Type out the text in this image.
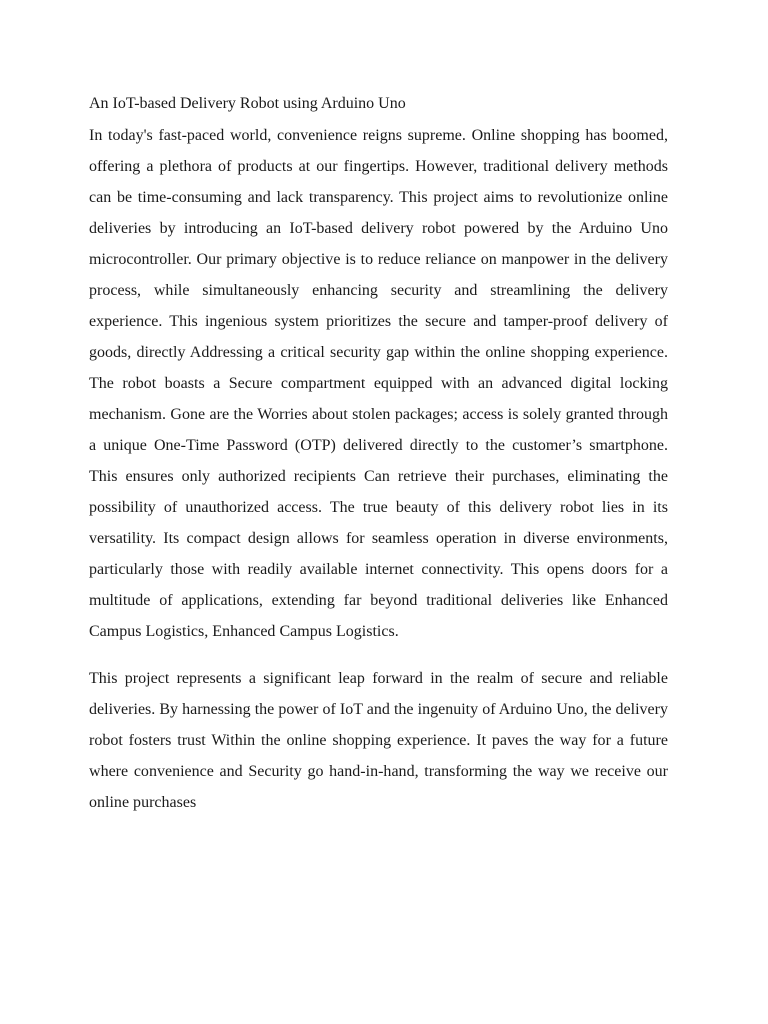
An IoT-based Delivery Robot using Arduino Uno

In today's fast-paced world, convenience reigns supreme. Online shopping has boomed, offering a plethora of products at our fingertips. However, traditional delivery methods can be time-consuming and lack transparency. This project aims to revolutionize online deliveries by introducing an IoT-based delivery robot powered by the Arduino Uno microcontroller. Our primary objective is to reduce reliance on manpower in the delivery process, while simultaneously enhancing security and streamlining the delivery experience. This ingenious system prioritizes the secure and tamper-proof delivery of goods, directly Addressing a critical security gap within the online shopping experience. The robot boasts a Secure compartment equipped with an advanced digital locking mechanism. Gone are the Worries about stolen packages; access is solely granted through a unique One-Time Password (OTP) delivered directly to the customer’s smartphone. This ensures only authorized recipients Can retrieve their purchases, eliminating the possibility of unauthorized access. The true beauty of this delivery robot lies in its versatility. Its compact design allows for seamless operation in diverse environments, particularly those with readily available internet connectivity. This opens doors for a multitude of applications, extending far beyond traditional deliveries like Enhanced Campus Logistics, Enhanced Campus Logistics.

This project represents a significant leap forward in the realm of secure and reliable deliveries. By harnessing the power of IoT and the ingenuity of Arduino Uno, the delivery robot fosters trust Within the online shopping experience. It paves the way for a future where convenience and Security go hand-in-hand, transforming the way we receive our online purchases
